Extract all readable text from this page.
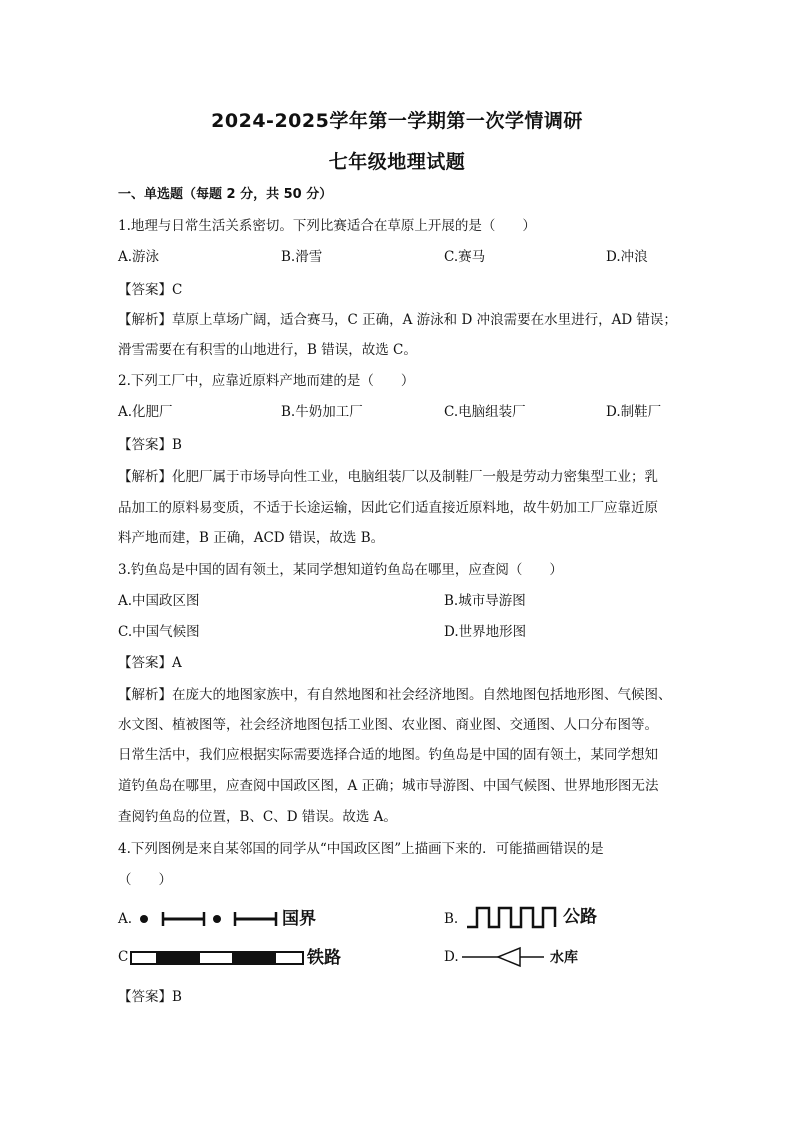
2024-2025学年第一学期第一次学情调研
七年级地理试题
一、单选题（每题 2 分，共 50 分）
1.地理与日常生活关系密切。下列比赛适合在草原上开展的是（　　）
A.游泳	B.滑雪	C.赛马	D.冲浪
【答案】C
【解析】草原上草场广阔，适合赛马，C 正确，A 游泳和 D 冲浪需要在水里进行，AD 错误；
滑雪需要在有积雪的山地进行，B 错误，故选 C。
2.下列工厂中，应靠近原料产地而建的是（　　）
A.化肥厂	B.牛奶加工厂	C.电脑组装厂	D.制鞋厂
【答案】B
【解析】化肥厂属于市场导向性工业，电脑组装厂以及制鞋厂一般是劳动力密集型工业；乳
品加工的原料易变质，不适于长途运输，因此它们适直接近原料地，故牛奶加工厂应靠近原
料产地而建，B 正确，ACD 错误，故选 B。
3.钓鱼岛是中国的固有领土，某同学想知道钓鱼岛在哪里，应查阅（　　）
A.中国政区图	B.城市导游图
C.中国气候图	D.世界地形图
【答案】A
【解析】在庞大的地图家族中，有自然地图和社会经济地图。自然地图包括地形图、气候图、
水文图、植被图等，社会经济地图包括工业图、农业图、商业图、交通图、人口分布图等。
日常生活中，我们应根据实际需要选择合适的地图。钓鱼岛是中国的固有领土，某同学想知
道钓鱼岛在哪里，应查阅中国政区图，A 正确；城市导游图、中国气候图、世界地形图无法
查阅钓鱼岛的位置，B、C、D 错误。故选 A。
4.下列图例是来自某邻国的同学从“中国政区图”上描画下来的．可能描画错误的是
（　　）
A.	国界	B.	公路
C	铁路	D.	水库
【答案】B
